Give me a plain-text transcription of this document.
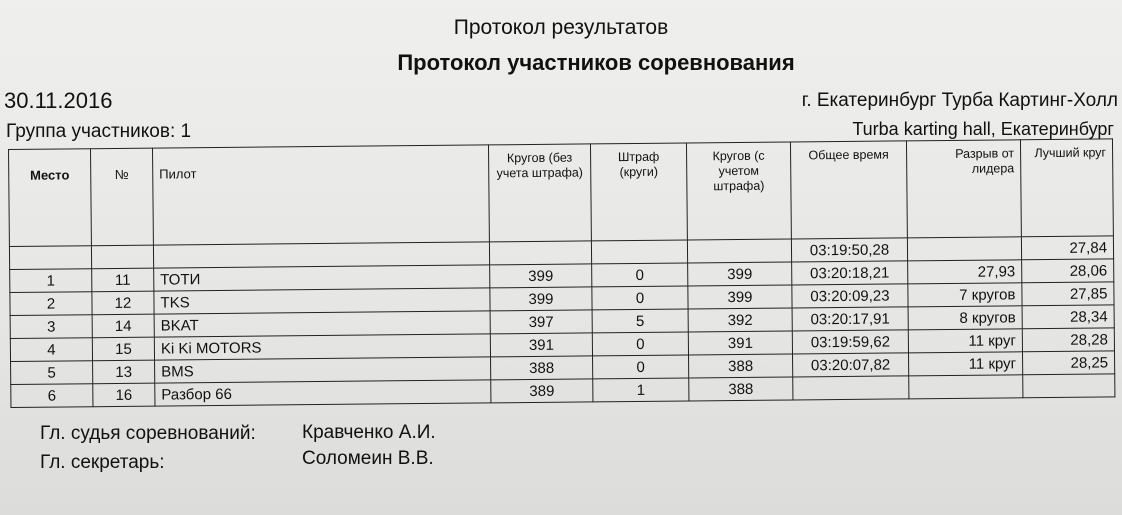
Протокол результатов
Протокол участников соревнования
30.11.2016
Группа участников: 1
г. Екатеринбург Турба Картинг-Холл
Turba karting hall, Екатеринбург
Место	№	Пилот	Кругов (без учета штрафа)	Штраф (круги)	Кругов (с учетом штрафа)	Общее время	Разрыв от лидера	Лучший круг
						03:19:50,28		27,84
1	11	ТОТИ	399	0	399	03:20:18,21	27,93	28,06
2	12	TKS	399	0	399	03:20:09,23	7 кругов	27,85
3	14	BKAT	397	5	392	03:20:17,91	8 кругов	28,34
4	15	Ki Ki MOTORS	391	0	391	03:19:59,62	11 круг	28,28
5	13	BMS	388	0	388	03:20:07,82	11 круг	28,25
6	16	Разбор 66	389	1	388			
Гл. судья соревнований: Кравченко А.И.
Гл. секретарь:	Соломеин В.В.
